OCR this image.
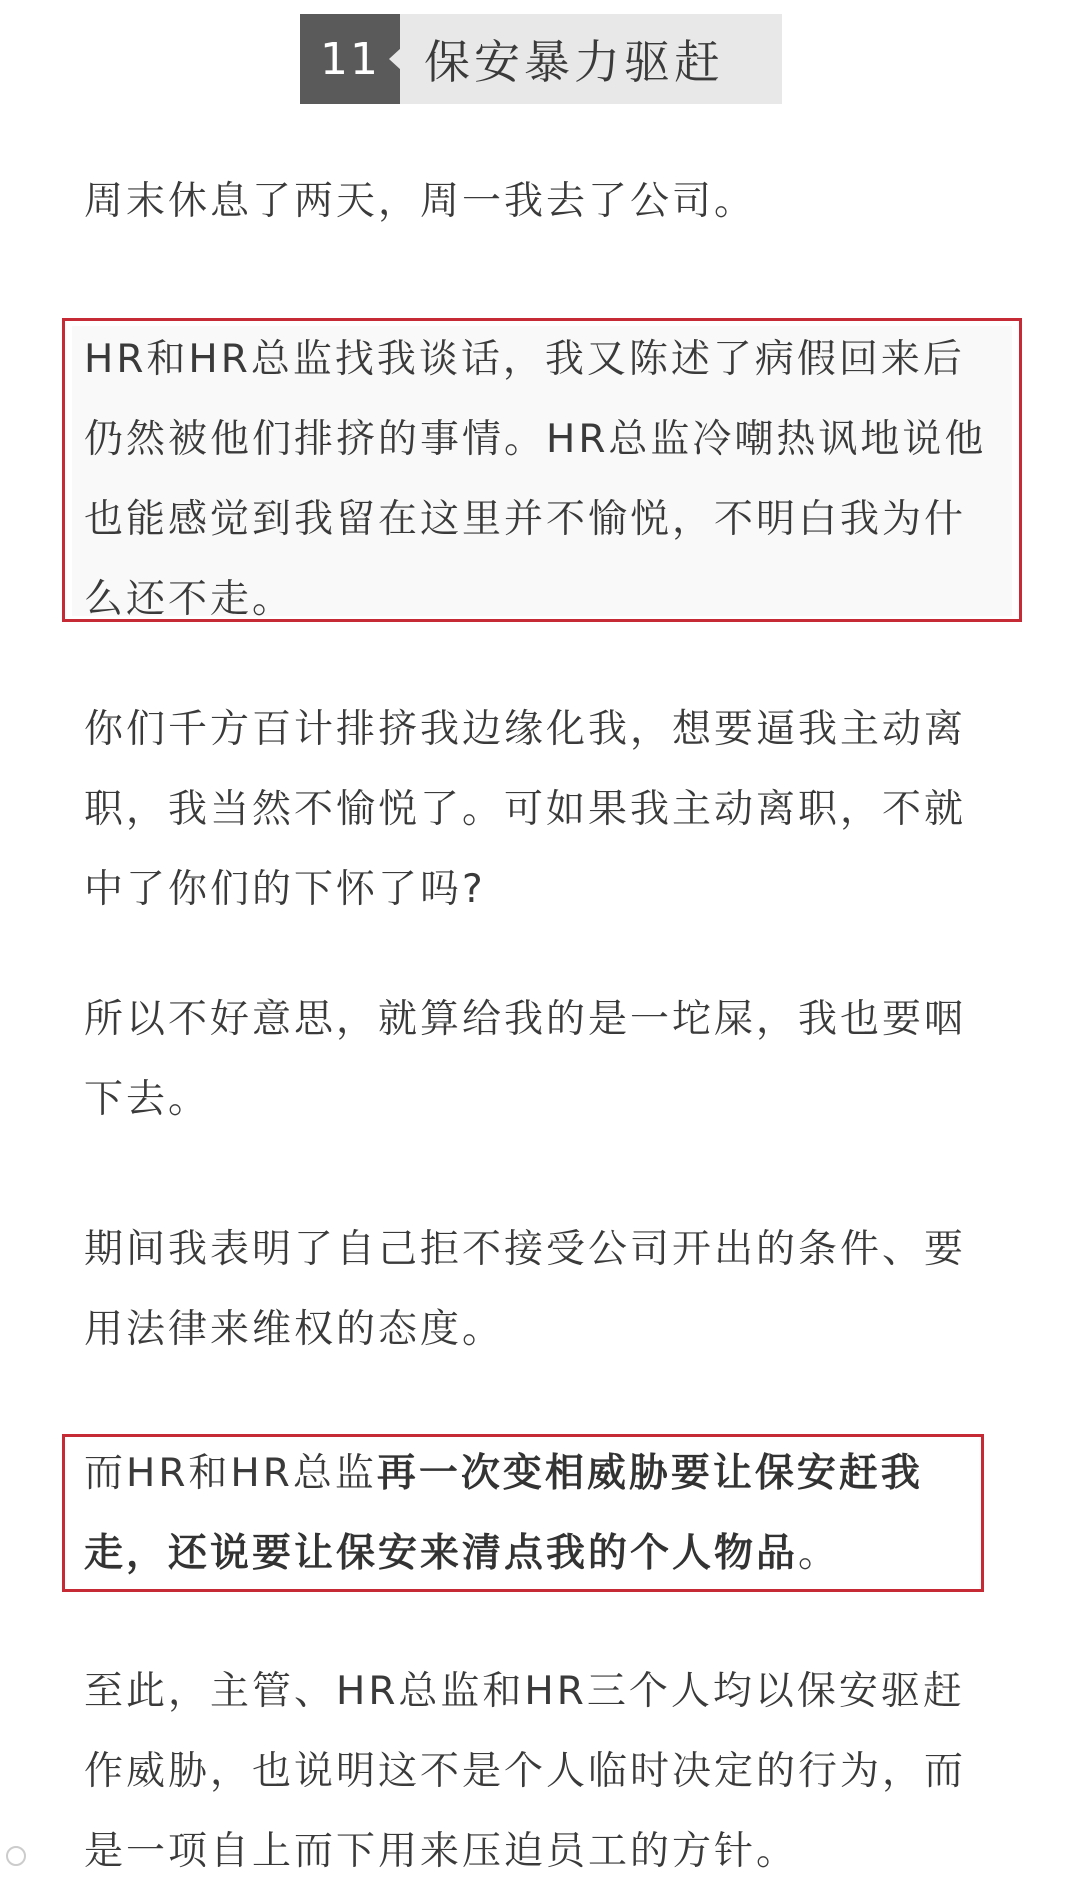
11 保安暴力驱赶

周末休息了两天，周一我去了公司。

HR和HR总监找我谈话，我又陈述了病假回来后仍然被他们排挤的事情。HR总监冷嘲热讽地说他也能感觉到我留在这里并不愉悦，不明白我为什么还不走。

你们千方百计排挤我边缘化我，想要逼我主动离职，我当然不愉悦了。可如果我主动离职，不就中了你们的下怀了吗?

所以不好意思，就算给我的是一坨屎，我也要咽下去。

期间我表明了自己拒不接受公司开出的条件、要用法律来维权的态度。

而HR和HR总监再一次变相威胁要让保安赶我走，还说要让保安来清点我的个人物品。

至此，主管、HR总监和HR三个人均以保安驱赶作威胁，也说明这不是个人临时决定的行为，而是一项自上而下用来压迫员工的方针。
